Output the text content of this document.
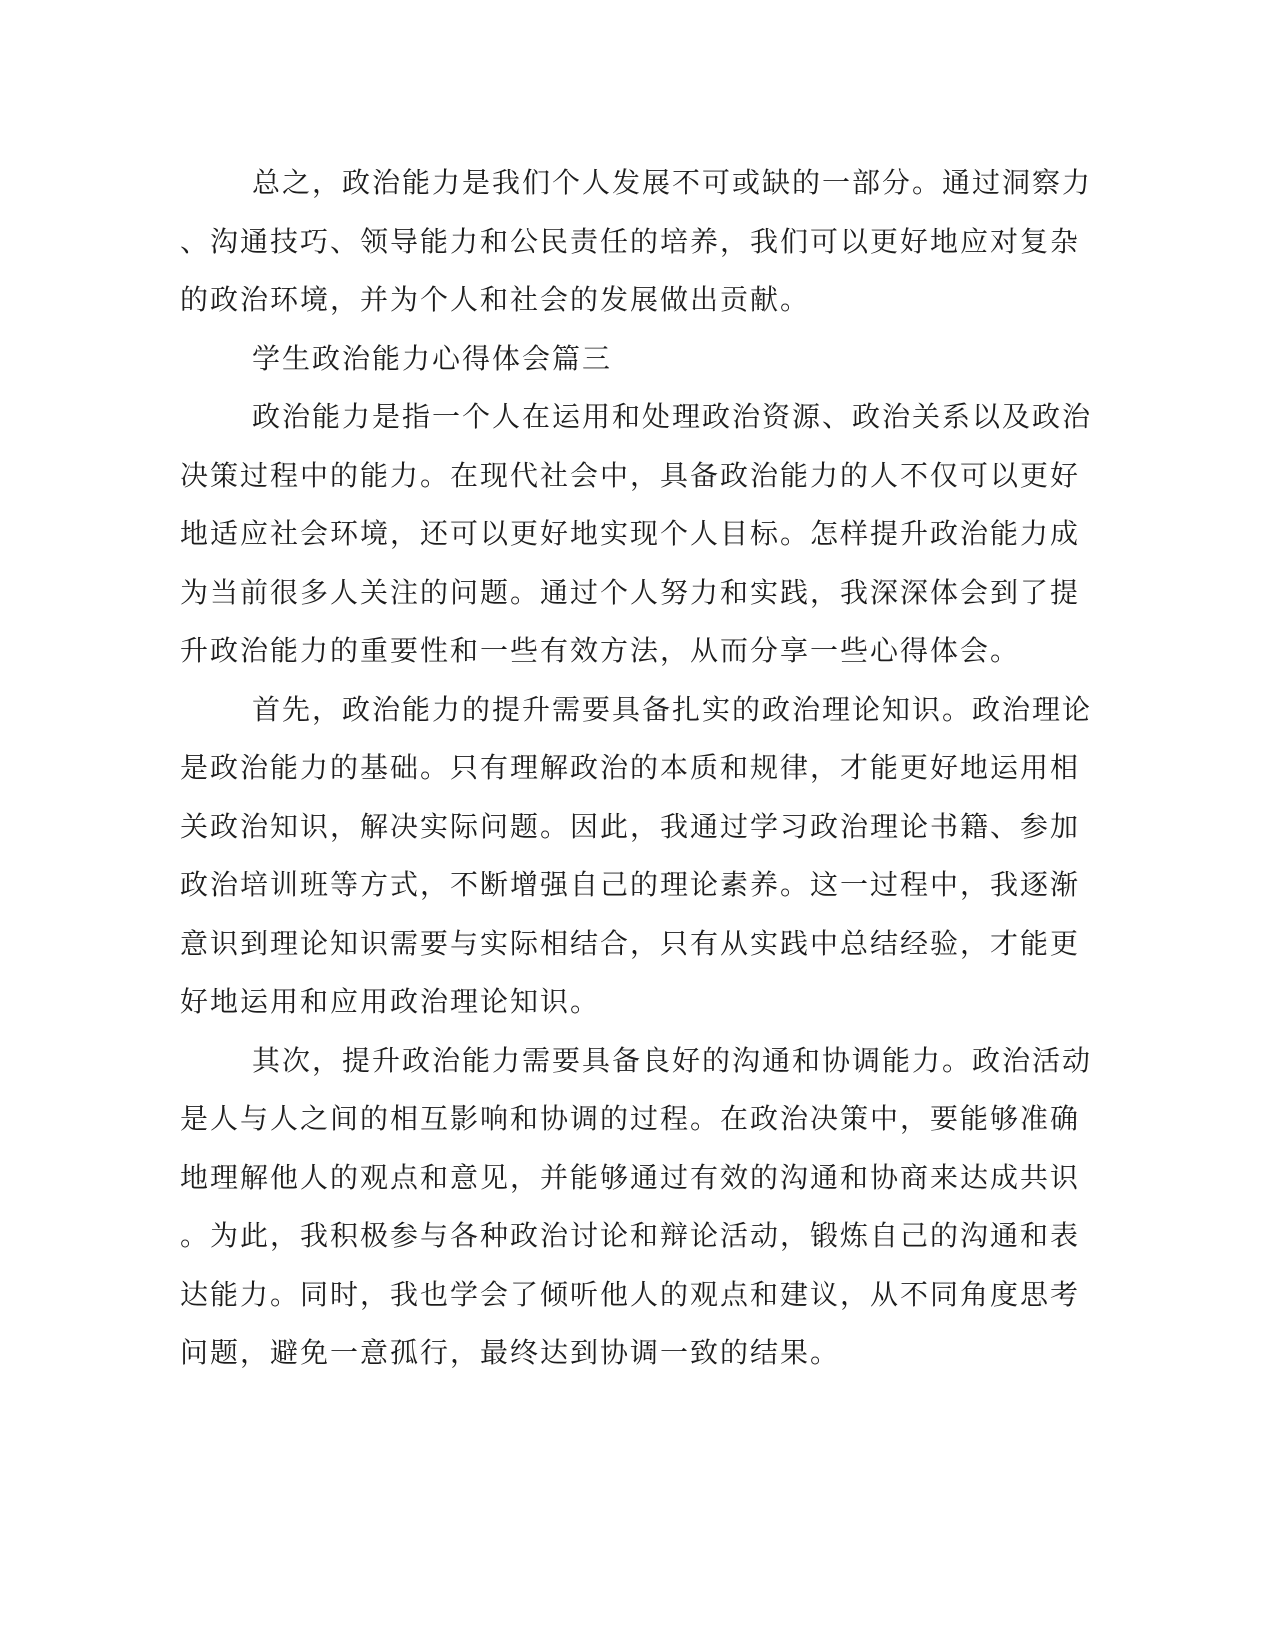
总之，政治能力是我们个人发展不可或缺的一部分。通过洞察力
、沟通技巧、领导能力和公民责任的培养，我们可以更好地应对复杂
的政治环境，并为个人和社会的发展做出贡献。
学生政治能力心得体会篇三
政治能力是指一个人在运用和处理政治资源、政治关系以及政治
决策过程中的能力。在现代社会中，具备政治能力的人不仅可以更好
地适应社会环境，还可以更好地实现个人目标。怎样提升政治能力成
为当前很多人关注的问题。通过个人努力和实践，我深深体会到了提
升政治能力的重要性和一些有效方法，从而分享一些心得体会。
首先，政治能力的提升需要具备扎实的政治理论知识。政治理论
是政治能力的基础。只有理解政治的本质和规律，才能更好地运用相
关政治知识，解决实际问题。因此，我通过学习政治理论书籍、参加
政治培训班等方式，不断增强自己的理论素养。这一过程中，我逐渐
意识到理论知识需要与实际相结合，只有从实践中总结经验，才能更
好地运用和应用政治理论知识。
其次，提升政治能力需要具备良好的沟通和协调能力。政治活动
是人与人之间的相互影响和协调的过程。在政治决策中，要能够准确
地理解他人的观点和意见，并能够通过有效的沟通和协商来达成共识
。为此，我积极参与各种政治讨论和辩论活动，锻炼自己的沟通和表
达能力。同时，我也学会了倾听他人的观点和建议，从不同角度思考
问题，避免一意孤行，最终达到协调一致的结果。
